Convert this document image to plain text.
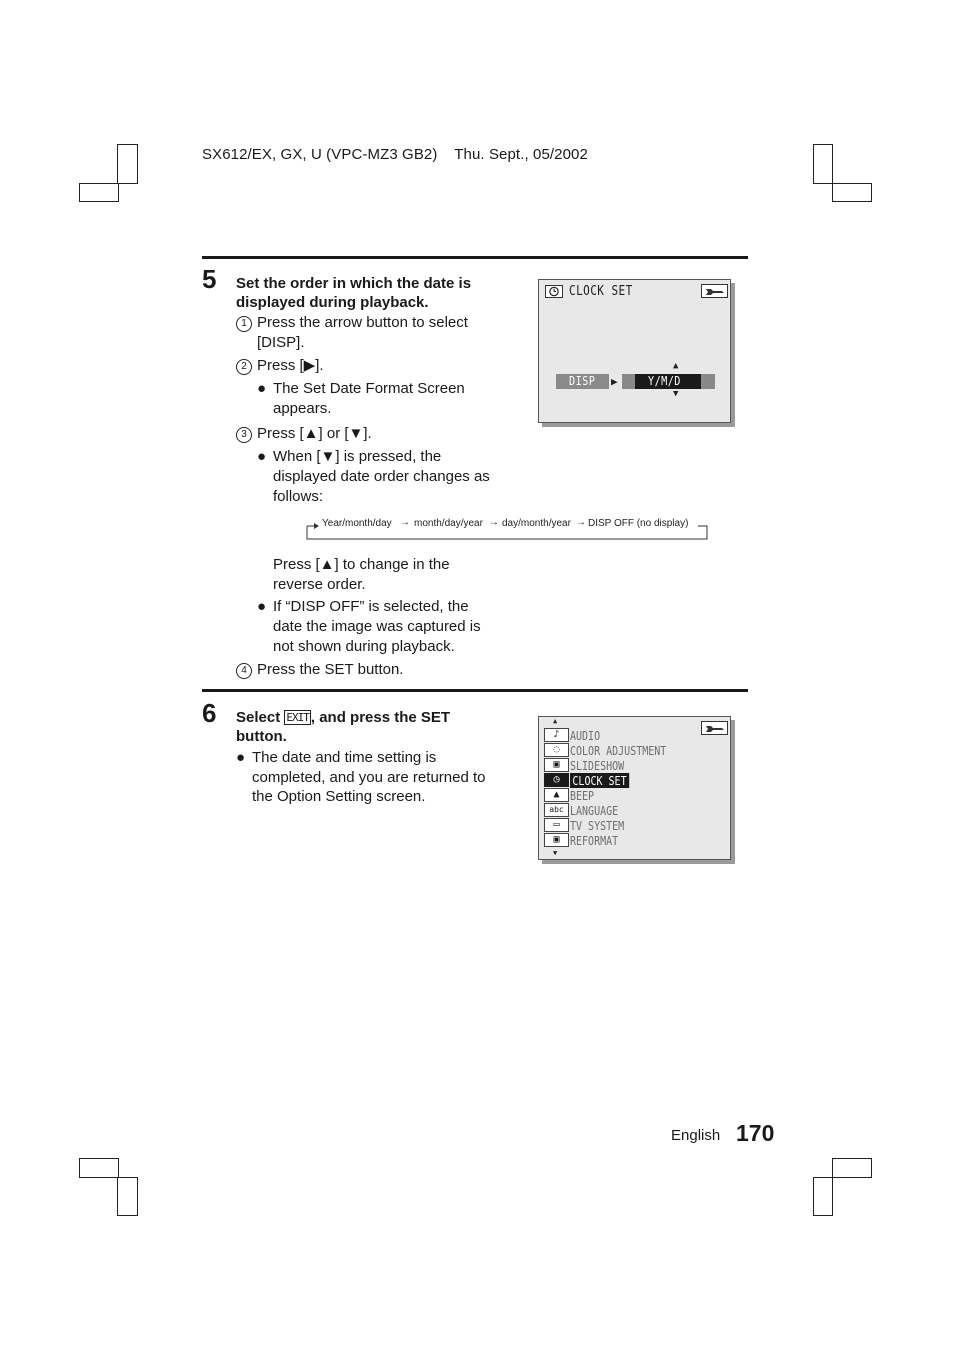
SX612/EX, GX, U (VPC-MZ3 GB2)    Thu. Sept., 05/2002
5 Set the order in which the date is
displayed during playback.
1 Press the arrow button to select
[DISP].
2 Press [▶].
● The Set Date Format Screen
appears.
3 Press [▲] or [▼].
● When [▼] is pressed, the
displayed date order changes as
follows:
Year/month/day → month/day/year → day/month/year → DISP OFF (no display)
Press [▲] to change in the
reverse order.
● If “DISP OFF” is selected, the
date the image was captured is
not shown during playback.
4 Press the SET button.
CLOCK SET
▲
DISP ▶	Y/M/D
▼
6 Select EXIT , and press the SET
button.
● The date and time setting is
completed, and you are returned to
the Option Setting screen.
▲
♪ AUDIO
◌ COLOR ADJUSTMENT
▣ SLIDESHOW
◷	CLOCK SET
▲ BEEP
abc LANGUAGE
▭ TV SYSTEM
▣ REFORMAT
▼
English 170
